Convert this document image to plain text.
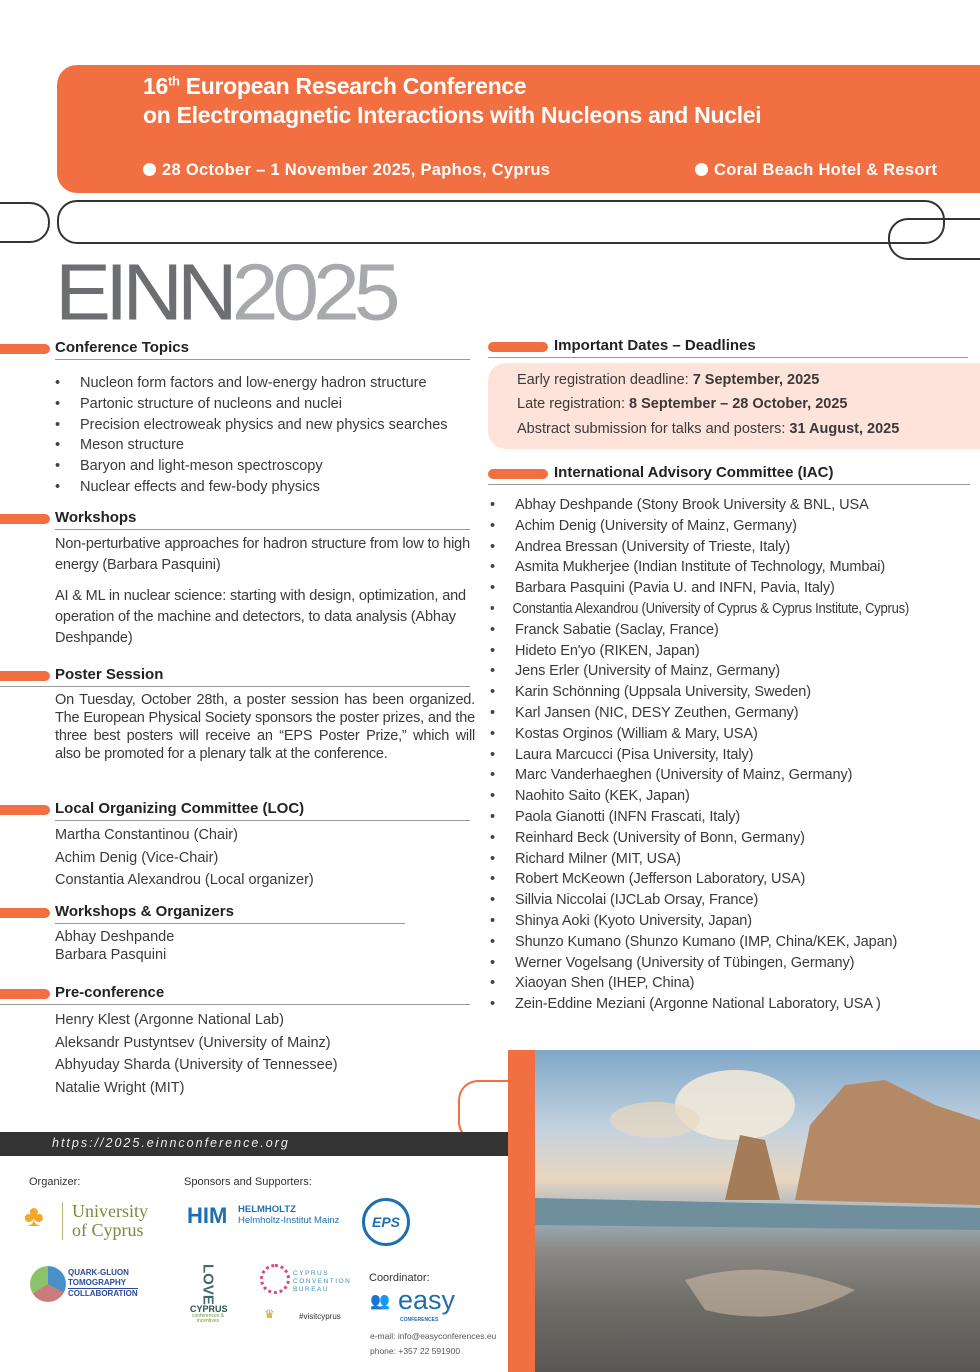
16th European Research Conference
on Electromagnetic Interactions with Nucleons and Nuclei
28 October – 1 November 2025, Paphos, Cyprus	Coral Beach Hotel & Resort
EINN2025
Conference Topics
• Nucleon form factors and low-energy hadron structure
• Partonic structure of nucleons and nuclei
• Precision electroweak physics and new physics searches
• Meson structure
• Baryon and light-meson spectroscopy
• Nuclear effects and few-body physics
Workshops
Non-perturbative approaches for hadron structure from low to high energy (Barbara Pasquini)
AI & ML in nuclear science: starting with design, optimization, and operation of the machine and detectors, to data analysis (Abhay Deshpande)
Poster Session
On Tuesday, October 28th, a poster session has been organized. The European Physical Society sponsors the poster prizes, and the three best posters will receive an “EPS Poster Prize,” which will also be promoted for a plenary talk at the conference.
Local Organizing Committee (LOC)
Martha Constantinou (Chair)
Achim Denig (Vice-Chair)
Constantia Alexandrou (Local organizer)
Workshops & Organizers
Abhay Deshpande
Barbara Pasquini
Pre-conference
Henry Klest (Argonne National Lab)
Aleksandr Pustyntsev (University of Mainz)
Abhyuday Sharda (University of Tennessee)
Natalie Wright (MIT)
Important Dates – Deadlines
Early registration deadline: 7 September, 2025
Late registration: 8 September – 28 October, 2025
Abstract submission for talks and posters: 31 August, 2025
International Advisory Committee (IAC)
• Abhay Deshpande (Stony Brook University & BNL, USA
• Achim Denig (University of Mainz, Germany)
• Andrea Bressan (University of Trieste, Italy)
• Asmita Mukherjee (Indian Institute of Technology, Mumbai)
• Barbara Pasquini (Pavia U. and INFN, Pavia, Italy)
• Constantia Alexandrou (University of Cyprus & Cyprus Institute, Cyprus)
• Franck Sabatie (Saclay, France)
• Hideto En'yo (RIKEN, Japan)
• Jens Erler (University of Mainz, Germany)
• Karin Schönning (Uppsala University, Sweden)
• Karl Jansen (NIC, DESY Zeuthen, Germany)
• Kostas Orginos (William & Mary, USA)
• Laura Marcucci (Pisa University, Italy)
• Marc Vanderhaeghen (University of Mainz, Germany)
• Naohito Saito (KEK, Japan)
• Paola Gianotti (INFN Frascati, Italy)
• Reinhard Beck (University of Bonn, Germany)
• Richard Milner (MIT, USA)
• Robert McKeown (Jefferson Laboratory, USA)
• Sillvia Niccolai (IJCLab Orsay, France)
• Shinya Aoki (Kyoto University, Japan)
• Shunzo Kumano (Shunzo Kumano (IMP, China/KEK, Japan)
• Werner Vogelsang (University of Tübingen, Germany)
• Xiaoyan Shen (IHEP, China)
• Zein-Eddine Meziani (Argonne National Laboratory, USA )
https://2025.einnconference.org
Organizer:	Sponsors and Supporters:
♣ University
of Cyprus
HIM HELMHOLTZ
Helmholtz-Institut Mainz	EPS
QUARK-GLUON
TOMOGRAPHY
COLLABORATION	LOVE
CYPRUS
conferences & incentives
CYPRUS
CONVENTION
BUREAU
♛	#visitcyprus
Coordinator:
👥 easy
CONFERENCES
e-mail: info@easyconferences.eu
phone: +357 22 591900
